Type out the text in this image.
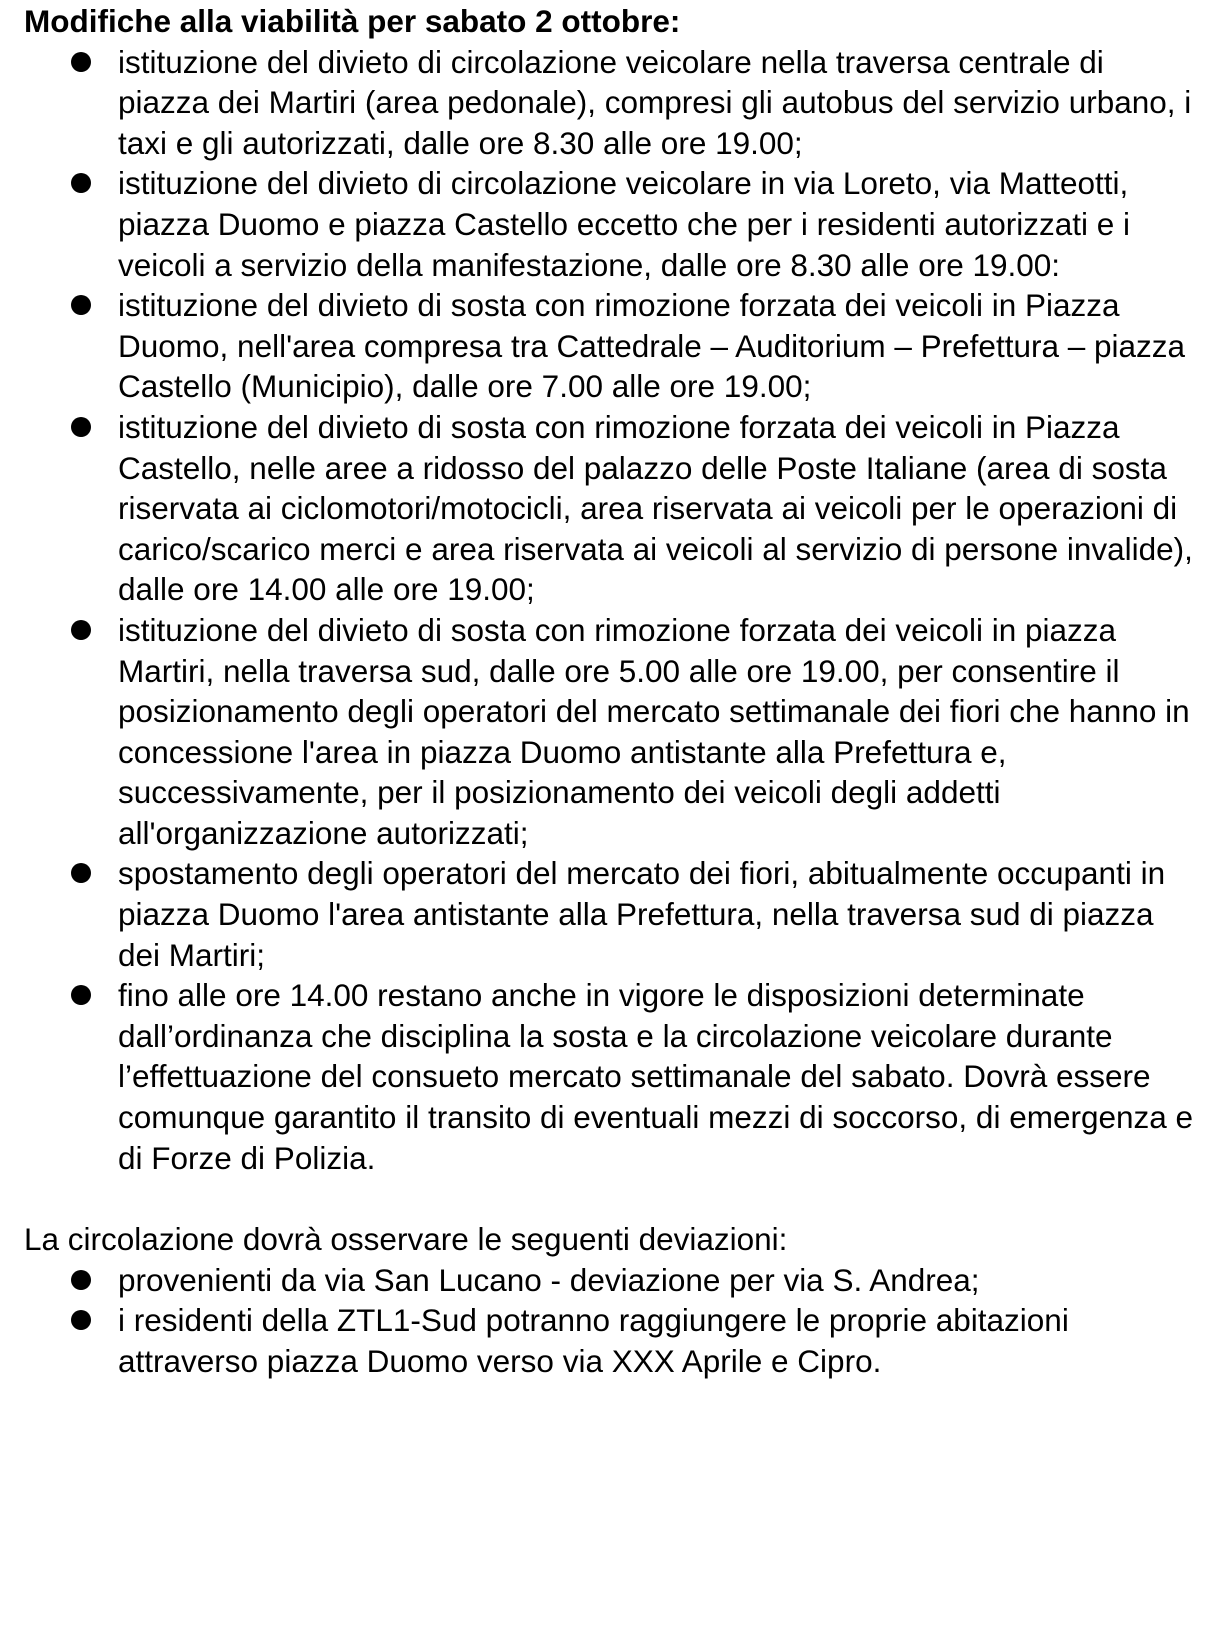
Modifiche alla viabilità per sabato 2 ottobre:

istituzione del divieto di circolazione veicolare nella traversa centrale di piazza dei Martiri (area pedonale), compresi gli autobus del servizio urbano, i taxi e gli autorizzati, dalle ore 8.30 alle ore 19.00;
istituzione del divieto di circolazione veicolare in via Loreto, via Matteotti, piazza Duomo e piazza Castello eccetto che per i residenti autorizzati e i veicoli a servizio della manifestazione, dalle ore 8.30 alle ore 19.00:
istituzione del divieto di sosta con rimozione forzata dei veicoli in Piazza Duomo, nell'area compresa tra Cattedrale – Auditorium – Prefettura – piazza Castello (Municipio), dalle ore 7.00 alle ore 19.00;
istituzione del divieto di sosta con rimozione forzata dei veicoli in Piazza Castello, nelle aree a ridosso del palazzo delle Poste Italiane (area di sosta riservata ai ciclomotori/motocicli, area riservata ai veicoli per le operazioni di carico/scarico merci e area riservata ai veicoli al servizio di persone invalide), dalle ore 14.00 alle ore 19.00;
istituzione del divieto di sosta con rimozione forzata dei veicoli in piazza Martiri, nella traversa sud, dalle ore 5.00 alle ore 19.00, per consentire il posizionamento degli operatori del mercato settimanale dei fiori che hanno in concessione l'area in piazza Duomo antistante alla Prefettura e, successivamente, per il posizionamento dei veicoli degli addetti all'organizzazione autorizzati;
spostamento degli operatori del mercato dei fiori, abitualmente occupanti in piazza Duomo l'area antistante alla Prefettura, nella traversa sud di piazza dei Martiri;
fino alle ore 14.00 restano anche in vigore le disposizioni determinate dall’ordinanza che disciplina la sosta e la circolazione veicolare durante l’effettuazione del consueto mercato settimanale del sabato. Dovrà essere comunque garantito il transito di eventuali mezzi di soccorso, di emergenza e di Forze di Polizia.

La circolazione dovrà osservare le seguenti deviazioni:

provenienti da via San Lucano - deviazione per via S. Andrea;
i residenti della ZTL1-Sud potranno raggiungere le proprie abitazioni attraverso piazza Duomo verso via XXX Aprile e Cipro.
